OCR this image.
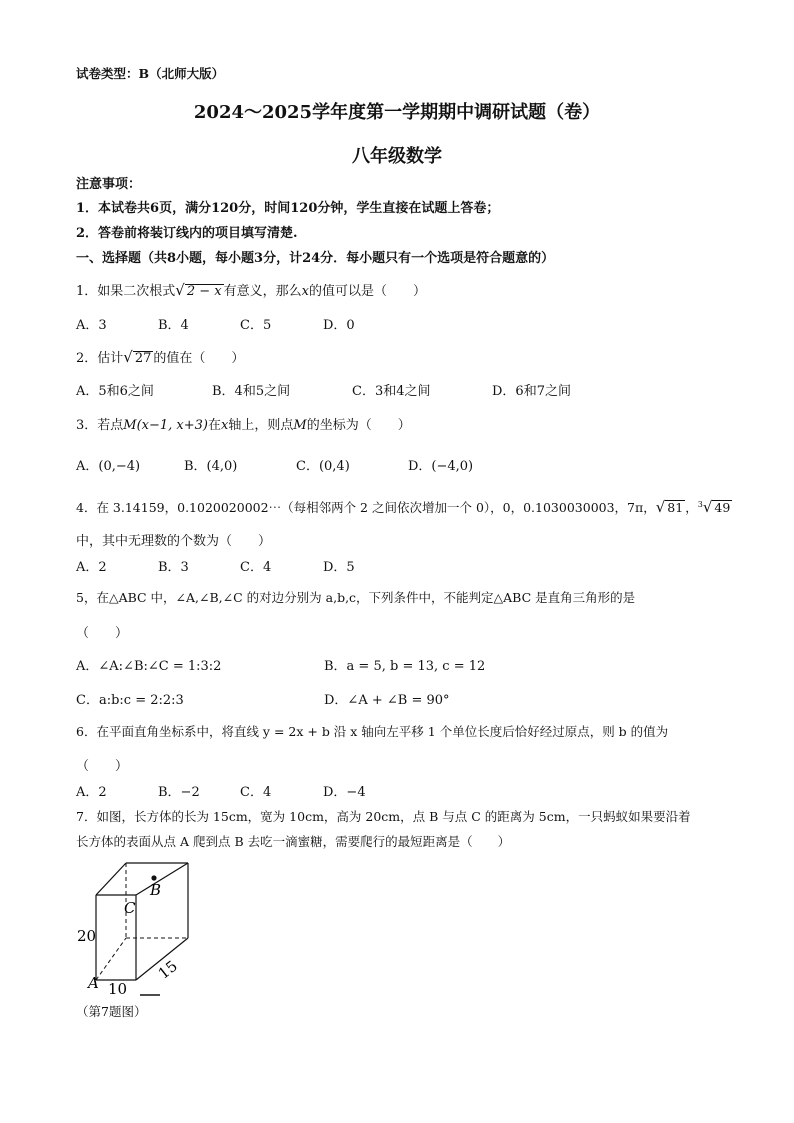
试卷类型：B（北师大版）
2024～2025学年度第一学期期中调研试题（卷）
八年级数学
注意事项：
1．本试卷共6页，满分120分，时间120分钟，学生直接在试题上答卷；
2．答卷前将装订线内的项目填写清楚.
一、选择题（共8小题，每小题3分，计24分．每小题只有一个选项是符合题意的）
1．如果二次根式√ 2 − x 有意义，那么x的值可以是（　　）
A．3	B．4	C．5	D．0
2．估计√ 27 的值在（　　）
A．5和6之间	B．4和5之间	C．3和4之间	D．6和7之间
3．若点M(x−1, x+3)在x轴上，则点M的坐标为（　　）
A．(0,−4)	B．(4,0)	C．(0,4)	D．(−4,0)
4．在 3.14159，0.1020020002⋯（每相邻两个 2 之间依次增加一个 0），0，0.1030030003，7π，√ 81 ，$^3$√ 49
中，其中无理数的个数为（　　）
A．2	B．3	C．4	D．5
5，在△ABC 中，∠A,∠B,∠C 的对边分别为 a,b,c，下列条件中，不能判定△ABC 是直角三角形的是
（　　）
A．∠A:∠B:∠C = 1:3:2	B．a = 5, b = 13, c = 12
C．a:b:c = 2:2:3	D．∠A + ∠B = 90°
6．在平面直角坐标系中，将直线 y = 2x + b 沿 x 轴向左平移 1 个单位长度后恰好经过原点，则 b 的值为
（　　）
A．2	B．−2	C．4	D．−4
7．如图，长方体的长为 15cm，宽为 10cm，高为 20cm，点 B 与点 C 的距离为 5cm，一只蚂蚁如果要沿着
长方体的表面从点 A 爬到点 B 去吃一滴蜜糖，需要爬行的最短距离是（　　）
B
C
A
20
10
15
（第7题图）
